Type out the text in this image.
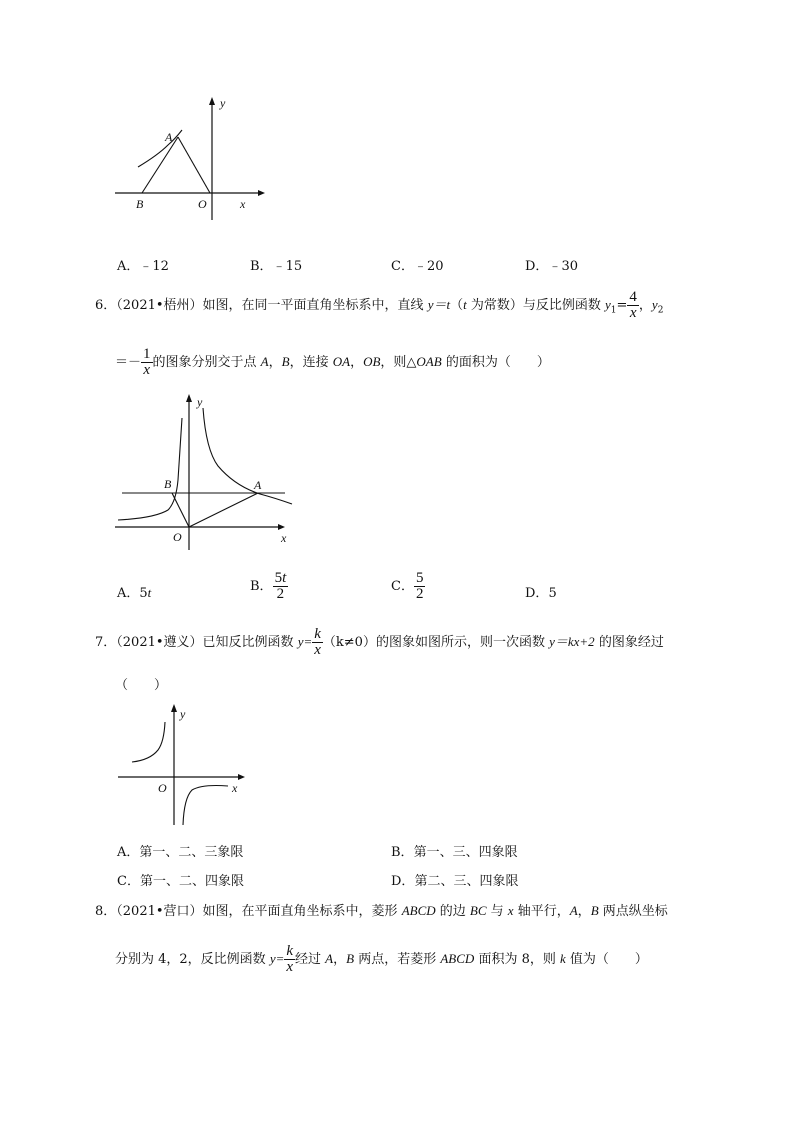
y
A
B	O	x
A．﹣12	B．﹣15	C．﹣20	D．﹣30
6．（2021•梧州）如图，在同一平面直角坐标系中，直线 y＝t（t 为常数）与反比例函数 $y_1= \frac{4}{x}$ ，$y_2$
＝－ $\frac{1}{x}$ 的图象分别交于点 A，B，连接 OA，OB，则△OAB 的面积为（　　）
y
B	A
O	x
A．5t	B． $\frac{5t}{2}$	C． $\frac{5}{2}$	D．5
7．（2021•遵义）已知反比例函数 $y= \frac{k}{x} (k\ne 0)$的图象如图所示，则一次函数 y＝kx+2 的图象经过
（　　）
y
O	x
A．第一、二、三象限	B．第一、三、四象限
C．第一、二、四象限	D．第二、三、四象限
8．（2021•营口）如图，在平面直角坐标系中，菱形 ABCD 的边 BC 与 x 轴平行，A，B 两点纵坐标
分别为 4，2，反比例函数 $y= \frac{k}{x}$ 经过 A，B 两点，若菱形 ABCD 面积为 8，则 k 值为（　　）
